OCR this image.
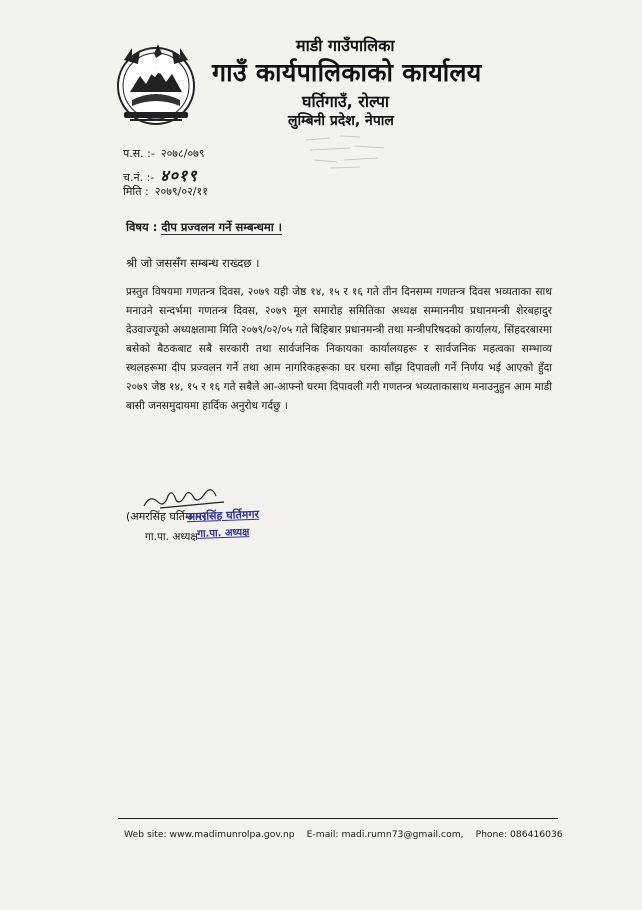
माडी गाउँपालिका
गाउँ कार्यपालिकाको कार्यालय
घर्तिगाउँ, रोल्पा
लुम्बिनी प्रदेश, नेपाल
प.स. :- २०७८/०७९
च.नं. :- ४०१९
मिति : २०७९/०२/११
विषय : दीप प्रज्वलन गर्ने सम्बन्धमा ।
श्री जो जससँग सम्बन्ध राख्दछ ।
प्रस्तुत विषयमा गणतन्त्र दिवस, २०७९ यही जेष्ठ १४, १५ र १६ गते तीन दिनसम्म गणतन्त्र दिवस भव्यताका साथ मनाउने सन्दर्भमा गणतन्त्र दिवस, २०७९ मूल समारोह समितिका अध्यक्ष सम्माननीय प्रधानमन्त्री शेरबहादुर देउवाज्यूको अध्यक्षतामा मिति २०७९/०२/०५ गते बिहिबार प्रधानमन्त्री तथा मन्त्रीपरिषदको कार्यालय, सिंहदरबारमा बसेको बैठकबाट सबै सरकारी तथा सार्वजनिक निकायका कार्यालयहरू र सार्वजनिक महत्वका सम्भाव्य स्थलहरूमा दीप प्रज्वलन गर्ने तथा आम नागरिकहरूका घर घरमा साँझ दिपावली गर्ने निर्णय भई आएको हुँदा २०७९ जेष्ठ १४, १५ र १६ गते सबैले आ-आफ्नो घरमा दिपावली गरी गणतन्त्र भव्यताकासाथ मनाउनुहुन आम माडी बासी जनसमुदायमा हार्दिक अनुरोध गर्दछु ।
(अमरसिंह घर्तिमगर)
गा.पा. अध्यक्ष
अमरसिंह घर्तिमगर
गा.पा. अध्यक्ष
Web site: www.madimunrolpa.gov.np E-mail: madi.rumn73@gmail.com, Phone: 086416036
